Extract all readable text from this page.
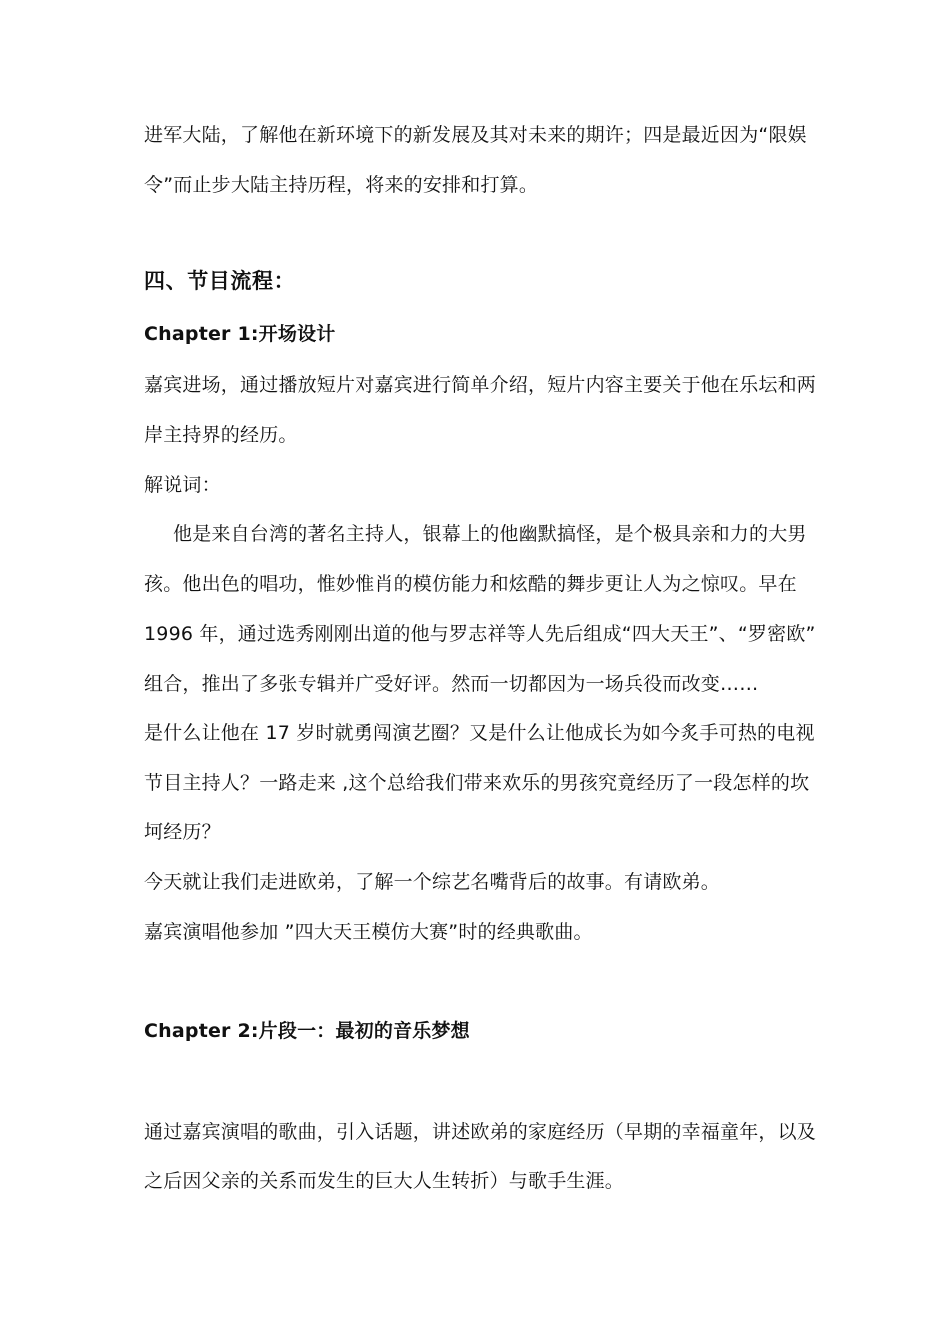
进军大陆，了解他在新环境下的新发展及其对未来的期许；四是最近因为“限娱
令”而止步大陆主持历程，将来的安排和打算。
四、节目流程：
Chapter 1:开场设计
嘉宾进场，通过播放短片对嘉宾进行简单介绍，短片内容主要关于他在乐坛和两
岸主持界的经历。
解说词：
他是来自台湾的著名主持人，银幕上的他幽默搞怪，是个极具亲和力的大男
孩。他出色的唱功，惟妙惟肖的模仿能力和炫酷的舞步更让人为之惊叹。早在
1996 年，通过选秀刚刚出道的他与罗志祥等人先后组成“四大天王”、“罗密欧”
组合，推出了多张专辑并广受好评。然而一切都因为一场兵役而改变……
是什么让他在 17 岁时就勇闯演艺圈？又是什么让他成长为如今炙手可热的电视
节目主持人？一路走来 ,这个总给我们带来欢乐的男孩究竟经历了一段怎样的坎
坷经历？
今天就让我们走进欧弟，了解一个综艺名嘴背后的故事。有请欧弟。
嘉宾演唱他参加 ”四大天王模仿大赛”时的经典歌曲。
Chapter 2:片段一：最初的音乐梦想
通过嘉宾演唱的歌曲，引入话题，讲述欧弟的家庭经历（早期的幸福童年，以及
之后因父亲的关系而发生的巨大人生转折）与歌手生涯。
